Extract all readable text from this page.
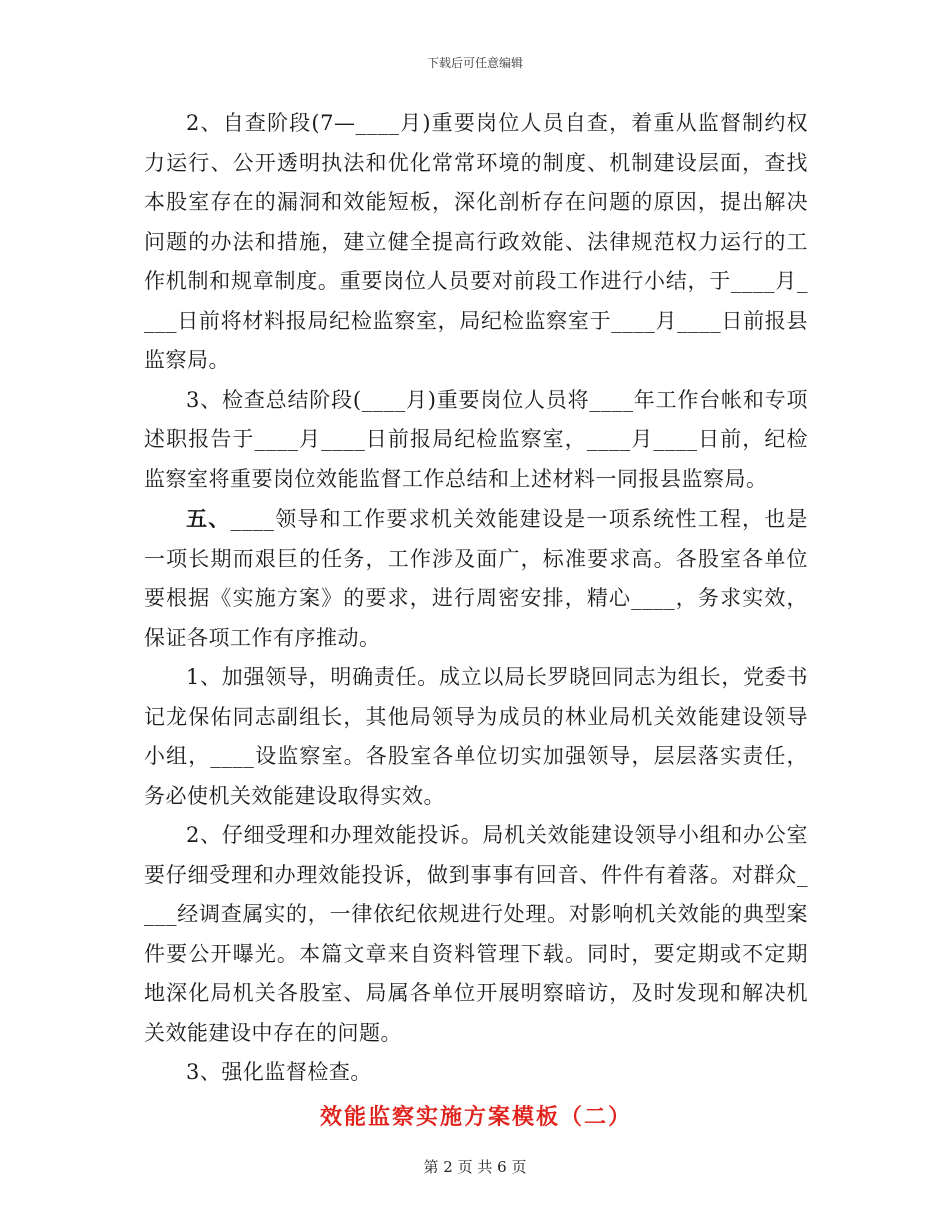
下载后可任意编辑

2、自查阶段(7—____月)重要岗位人员自查，着重从监督制约权力运行、公开透明执法和优化常常环境的制度、机制建设层面，查找本股室存在的漏洞和效能短板，深化剖析存在问题的原因，提出解决问题的办法和措施，建立健全提高行政效能、法律规范权力运行的工作机制和规章制度。重要岗位人员要对前段工作进行小结，于____月____日前将材料报局纪检监察室，局纪检监察室于____月____日前报县监察局。

3、检查总结阶段(____月)重要岗位人员将____年工作台帐和专项述职报告于____月____日前报局纪检监察室，____月____日前，纪检监察室将重要岗位效能监督工作总结和上述材料一同报县监察局。

五、____领导和工作要求机关效能建设是一项系统性工程，也是一项长期而艰巨的任务，工作涉及面广，标准要求高。各股室各单位要根据《实施方案》的要求，进行周密安排，精心____，务求实效，保证各项工作有序推动。

1、加强领导，明确责任。成立以局长罗晓回同志为组长，党委书记龙保佑同志副组长，其他局领导为成员的林业局机关效能建设领导小组，____设监察室。各股室各单位切实加强领导，层层落实责任，务必使机关效能建设取得实效。

2、仔细受理和办理效能投诉。局机关效能建设领导小组和办公室要仔细受理和办理效能投诉，做到事事有回音、件件有着落。对群众____经调查属实的，一律依纪依规进行处理。对影响机关效能的典型案件要公开曝光。本篇文章来自资料管理下载。同时，要定期或不定期地深化局机关各股室、局属各单位开展明察暗访，及时发现和解决机关效能建设中存在的问题。

3、强化监督检查。

效能监察实施方案模板（二）
第 2 页 共 6 页
